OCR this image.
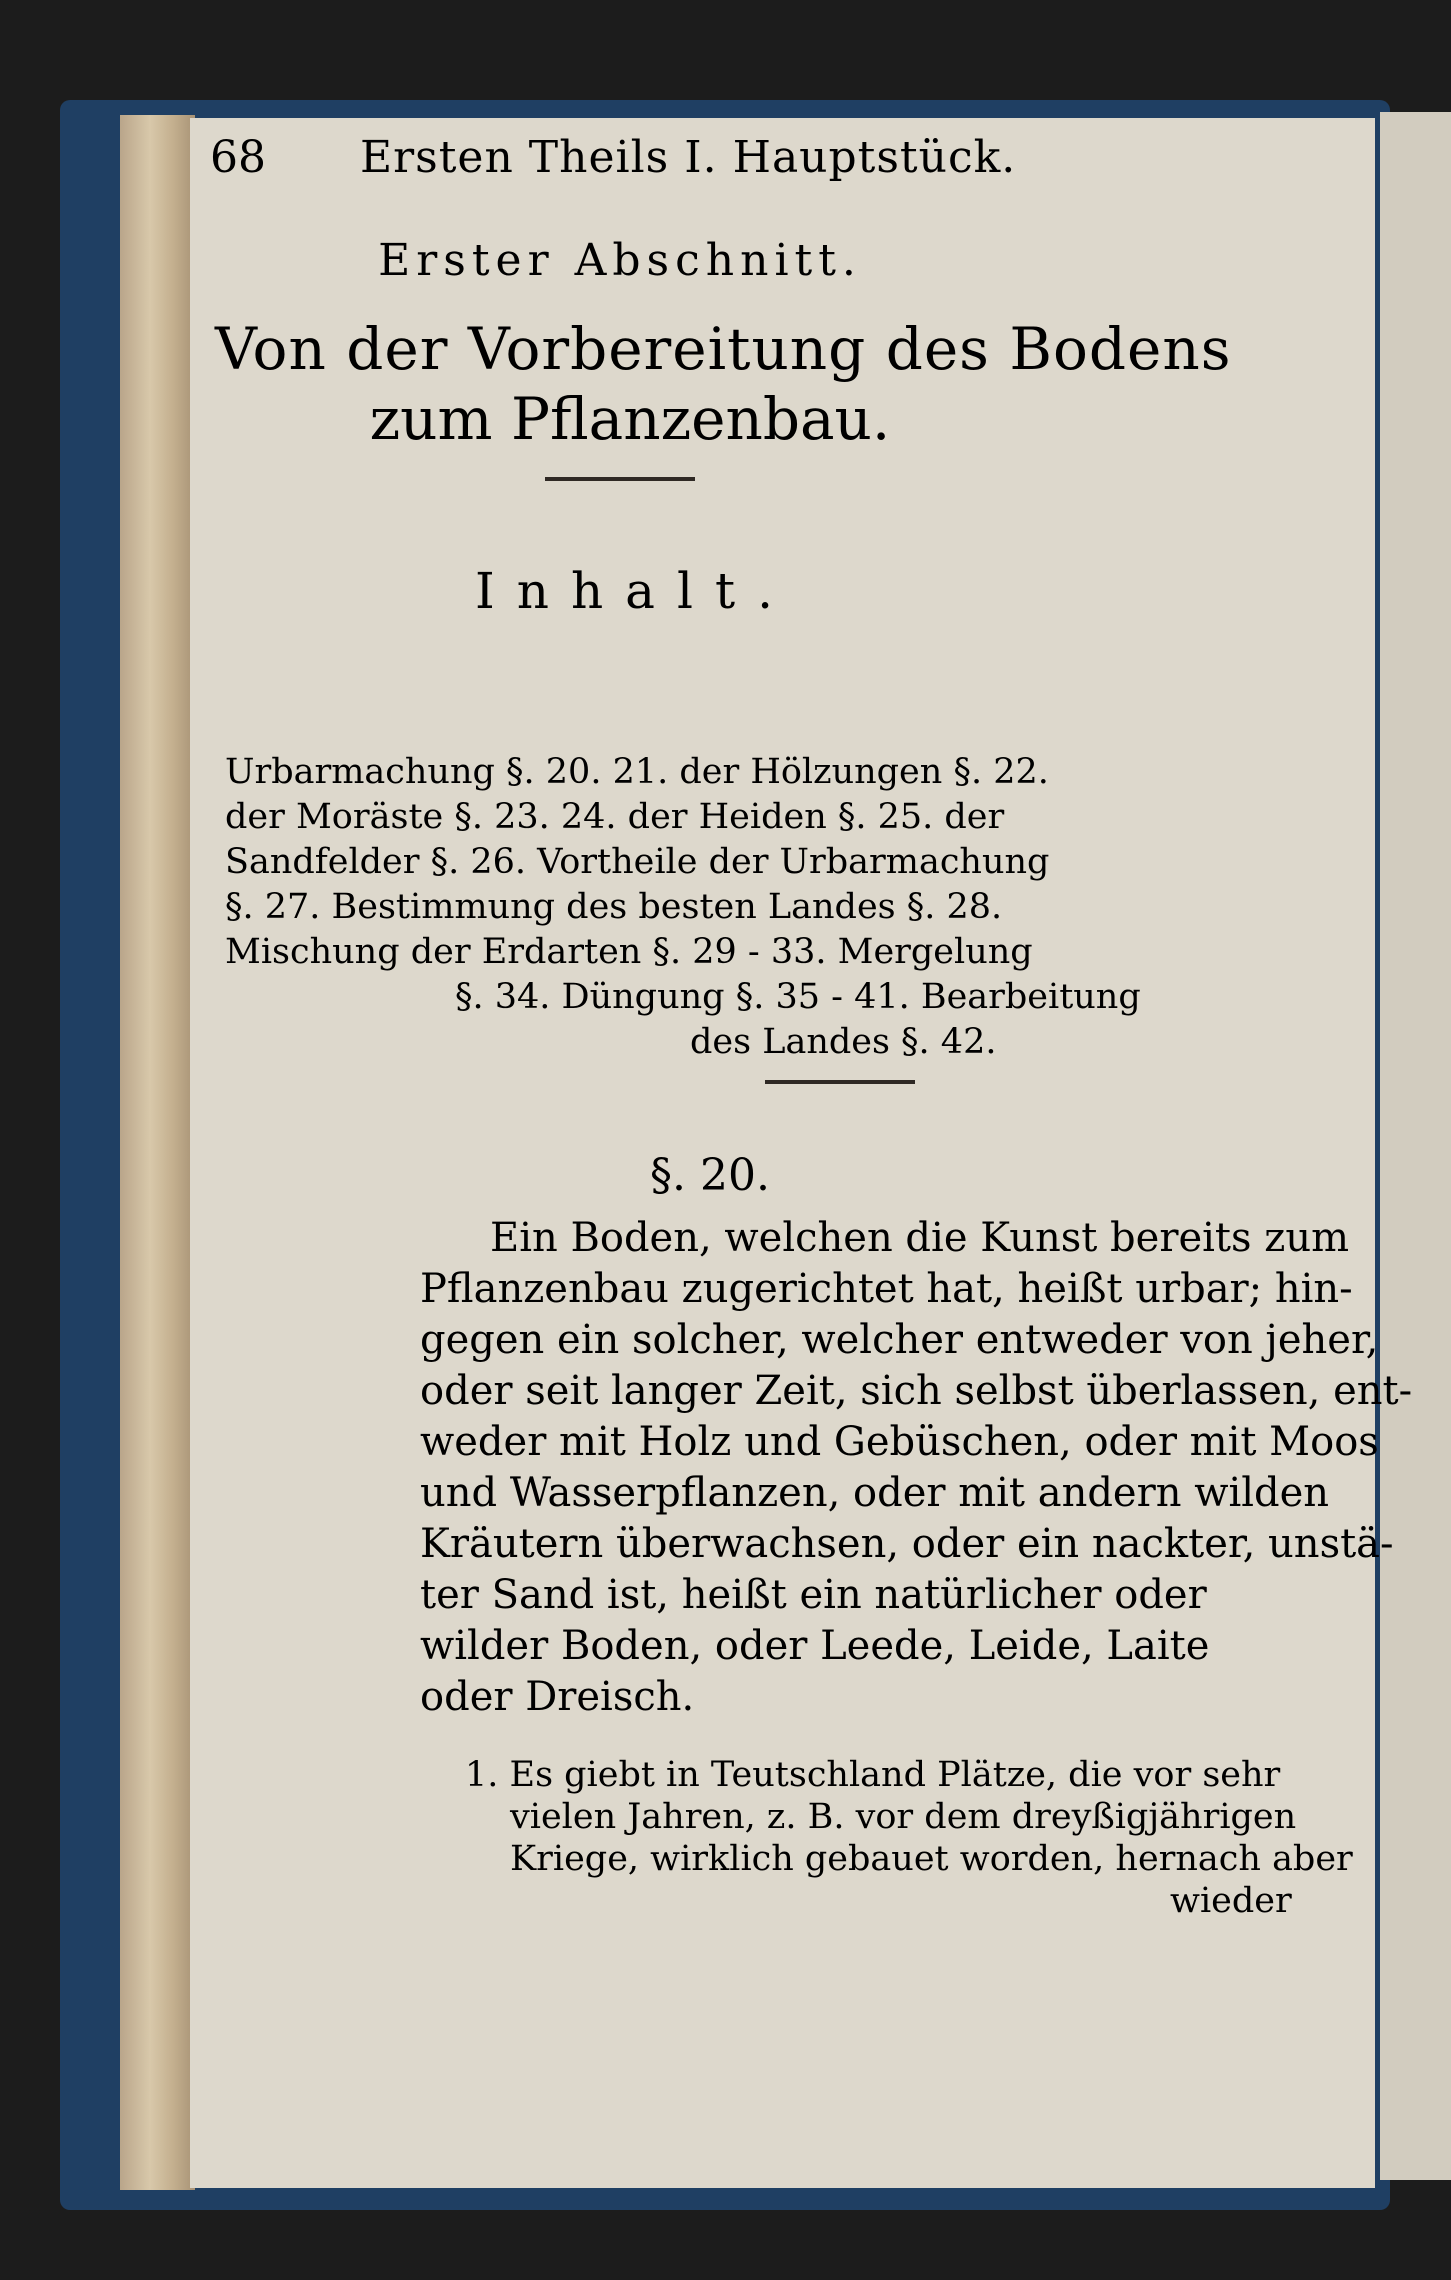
68 Ersten Theils I. Hauptstück.
Erster Abschnitt.
Von der Vorbereitung des Bodens
zum Pflanzenbau.
Inhalt.
Urbarmachung §. 20. 21. der Hölzungen §. 22.
der Moräste §. 23. 24. der Heiden §. 25. der
Sandfelder §. 26. Vortheile der Urbarmachung
§. 27. Bestimmung des besten Landes §. 28.
Mischung der Erdarten §. 29 - 33. Mergelung
§. 34. Düngung §. 35 - 41. Bearbeitung
des Landes §. 42.
§. 20.
Ein Boden, welchen die Kunst bereits zum
Pflanzenbau zugerichtet hat, heißt urbar; hin-
gegen ein solcher, welcher entweder von jeher,
oder seit langer Zeit, sich selbst überlassen, ent-
weder mit Holz und Gebüschen, oder mit Moos
und Wasserpflanzen, oder mit andern wilden
Kräutern überwachsen, oder ein nackter, unstä-
ter Sand ist, heißt ein natürlicher oder
wilder Boden, oder Leede, Leide, Laite
oder Dreisch.
1. Es giebt in Teutschland Plätze, die vor sehr
vielen Jahren, z. B. vor dem dreyßigjährigen
Kriege, wirklich gebauet worden, hernach aber
wieder
